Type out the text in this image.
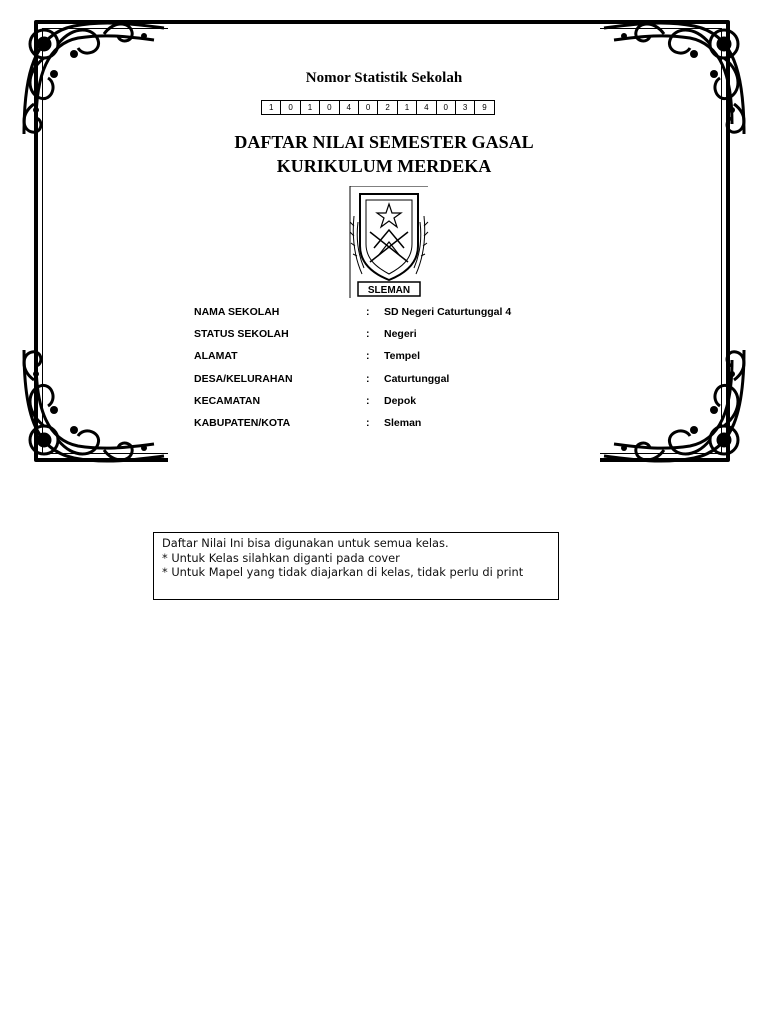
Nomor Statistik Sekolah
1	0	1	0	4	0	2	1	4	0	3	9
DAFTAR NILAI SEMESTER GASAL
KURIKULUM MERDEKA
SLEMAN
NAMA SEKOLAH	: SD Negeri Caturtunggal 4
STATUS SEKOLAH	: Negeri
ALAMAT	: Tempel
DESA/KELURAHAN	: Caturtunggal
KECAMATAN	: Depok
KABUPATEN/KOTA	: Sleman
Daftar Nilai Ini bisa digunakan untuk semua kelas.
* Untuk Kelas silahkan diganti pada cover
* Untuk Mapel yang tidak diajarkan di kelas, tidak perlu di print
